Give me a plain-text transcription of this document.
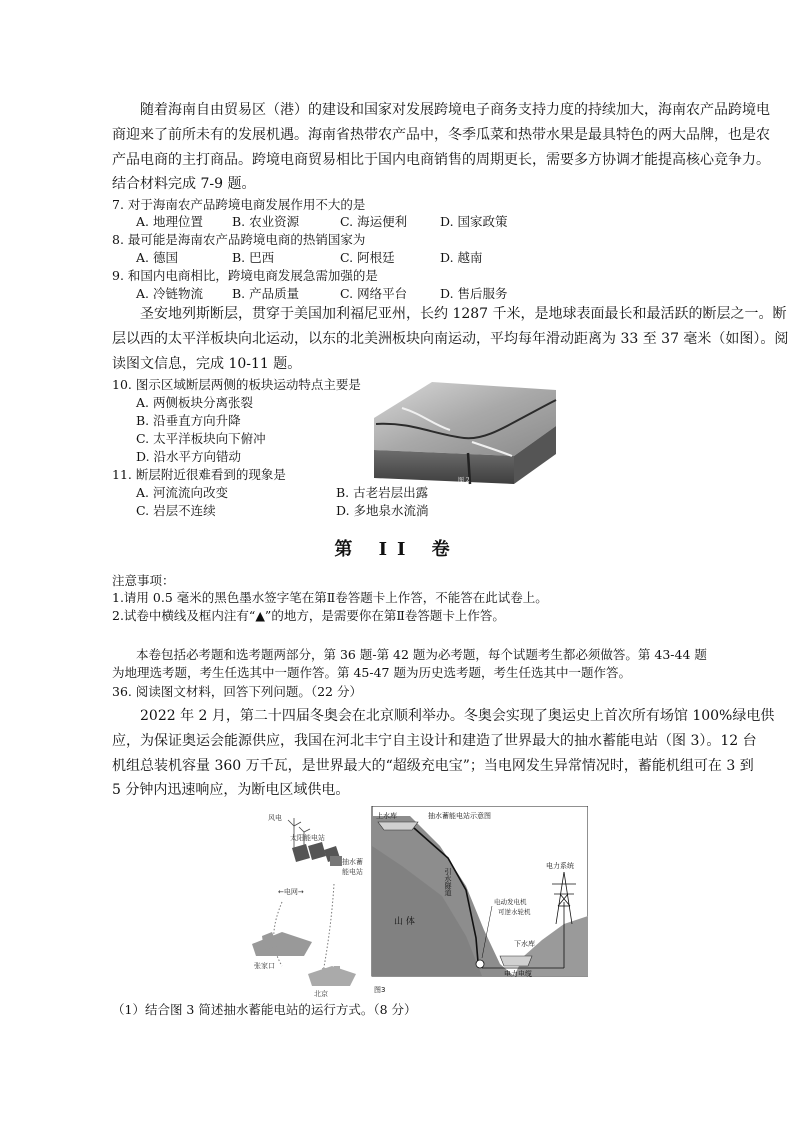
随着海南自由贸易区（港）的建设和国家对发展跨境电子商务支持力度的持续加大，海南农产品跨境电
商迎来了前所未有的发展机遇。海南省热带农产品中，冬季瓜菜和热带水果是最具特色的两大品牌，也是农
产品电商的主打商品。跨境电商贸易相比于国内电商销售的周期更长，需要多方协调才能提高核心竞争力。
结合材料完成 7-9 题。
7. 对于海南农产品跨境电商发展作用不大的是
A. 地理位置 B. 农业资源	C. 海运便利	D. 国家政策
8. 最可能是海南农产品跨境电商的热销国家为
A. 德国	B. 巴西	C. 阿根廷	D. 越南
9. 和国内电商相比，跨境电商发展急需加强的是
A. 冷链物流 B. 产品质量	C. 网络平台	D. 售后服务
圣安地列斯断层，贯穿于美国加利福尼亚州，长约 1287 千米，是地球表面最长和最活跃的断层之一。断
层以西的太平洋板块向北运动，以东的北美洲板块向南运动，平均每年滑动距离为 33 至 37 毫米（如图）。阅
读图文信息，完成 10-11 题。
10. 图示区域断层两侧的板块运动特点主要是
A. 两侧板块分离张裂
B. 沿垂直方向升降
C. 太平洋板块向下俯冲
D. 沿水平方向错动
图 2
11. 断层附近很难看到的现象是
A. 河流流向改变	B. 古老岩层出露
C. 岩层不连续	D. 多地泉水流淌
第 II 卷
注意事项：
1.请用 0.5 毫米的黑色墨水签字笔在第Ⅱ卷答题卡上作答，不能答在此试卷上。
2.试卷中横线及框内注有“▲”的地方，是需要你在第Ⅱ卷答题卡上作答。
本卷包括必考题和选考题两部分，第 36 题-第 42 题为必考题，每个试题考生都必须做答。第 43-44 题
为地理选考题，考生任选其中一题作答。第 45-47 题为历史选考题，考生任选其中一题作答。
36. 阅读图文材料，回答下列问题。（22 分）
2022 年 2 月，第二十四届冬奥会在北京顺利举办。冬奥会实现了奥运史上首次所有场馆 100%绿电供
应，为保证奥运会能源供应，我国在河北丰宁自主设计和建造了世界最大的抽水蓄能电站（图 3）。12 台
机组总装机容量 360 万千瓦，是世界最大的“超级充电宝”；当电网发生异常情况时，蓄能机组可在 3 到
5 分钟内迅速响应，为断电区域供电。
风电
太阳能电站
抽水蓄
能电站
←电网→
张家口
北京
上水库	抽水蓄能电站示意图
引水隧道
电动发电机
可逆水轮机
下水库
电力电缆
电力系统
山 体
图3
（1）结合图 3 简述抽水蓄能电站的运行方式。（8 分）
